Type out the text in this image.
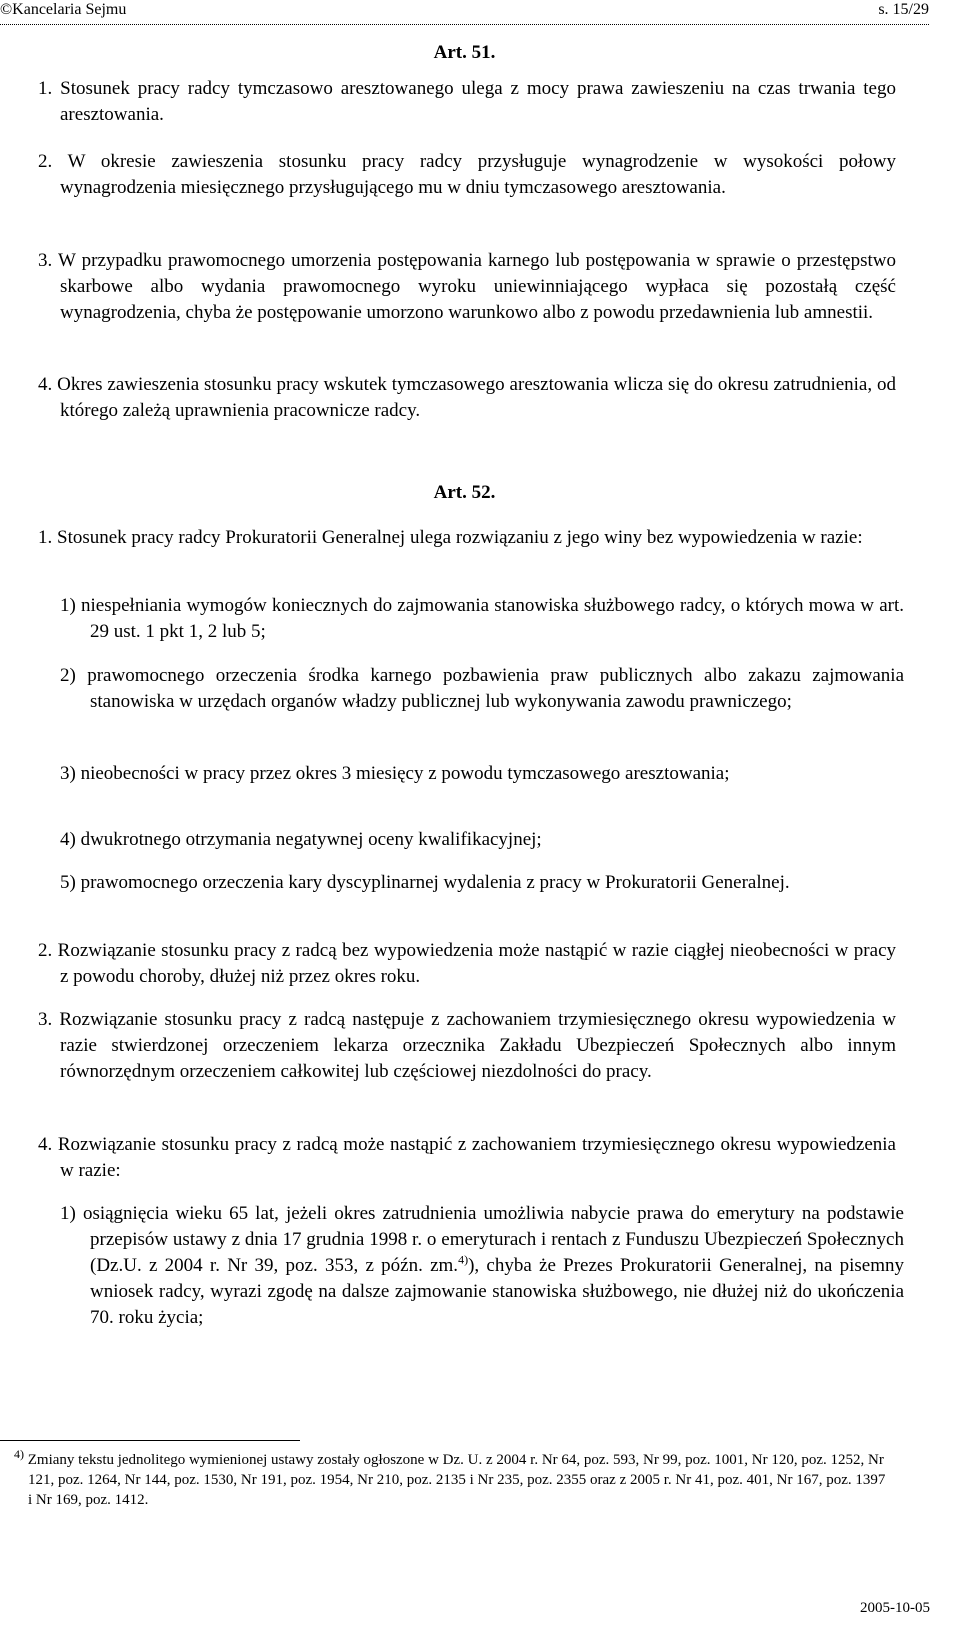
©Kancelaria Sejmu	s. 15/29
Art. 51.
1. Stosunek pracy radcy tymczasowo aresztowanego ulega z mocy prawa zawieszeniu na czas trwania tego aresztowania.
2. W okresie zawieszenia stosunku pracy radcy przysługuje wynagrodzenie w wysokości połowy wynagrodzenia miesięcznego przysługującego mu w dniu tymczasowego aresztowania.
3. W przypadku prawomocnego umorzenia postępowania karnego lub postępowania w sprawie o przestępstwo skarbowe albo wydania prawomocnego wyroku uniewinniającego wypłaca się pozostałą część wynagrodzenia, chyba że postępowanie umorzono warunkowo albo z powodu przedawnienia lub amnestii.
4. Okres zawieszenia stosunku pracy wskutek tymczasowego aresztowania wlicza się do okresu zatrudnienia, od którego zależą uprawnienia pracownicze radcy.
Art. 52.
1. Stosunek pracy radcy Prokuratorii Generalnej ulega rozwiązaniu z jego winy bez wypowiedzenia w razie:
1) niespełniania wymogów koniecznych do zajmowania stanowiska służbowego radcy, o których mowa w art. 29 ust. 1 pkt 1, 2 lub 5;
2) prawomocnego orzeczenia środka karnego pozbawienia praw publicznych albo zakazu zajmowania stanowiska w urzędach organów władzy publicznej lub wykonywania zawodu prawniczego;
3) nieobecności w pracy przez okres 3 miesięcy z powodu tymczasowego aresztowania;
4) dwukrotnego otrzymania negatywnej oceny kwalifikacyjnej;
5) prawomocnego orzeczenia kary dyscyplinarnej wydalenia z pracy w Prokuratorii Generalnej.
2. Rozwiązanie stosunku pracy z radcą bez wypowiedzenia może nastąpić w razie ciągłej nieobecności w pracy z powodu choroby, dłużej niż przez okres roku.
3. Rozwiązanie stosunku pracy z radcą następuje z zachowaniem trzymiesięcznego okresu wypowiedzenia w razie stwierdzonej orzeczeniem lekarza orzecznika Zakładu Ubezpieczeń Społecznych albo innym równorzędnym orzeczeniem całkowitej lub częściowej niezdolności do pracy.
4. Rozwiązanie stosunku pracy z radcą może nastąpić z zachowaniem trzymiesięcznego okresu wypowiedzenia w razie:
1) osiągnięcia wieku 65 lat, jeżeli okres zatrudnienia umożliwia nabycie prawa do emerytury na podstawie przepisów ustawy z dnia 17 grudnia 1998 r. o emeryturach i rentach z Funduszu Ubezpieczeń Społecznych (Dz.U. z 2004 r. Nr 39, poz. 353, z późn. zm.$^{4)}$), chyba że Prezes Prokuratorii Generalnej, na pisemny wniosek radcy, wyrazi zgodę na dalsze zajmowanie stanowiska służbowego, nie dłużej niż do ukończenia 70. roku życia;
$^{4)}$ Zmiany tekstu jednolitego wymienionej ustawy zostały ogłoszone w Dz. U. z 2004 r. Nr 64, poz. 593, Nr 99, poz. 1001, Nr 120, poz. 1252, Nr 121, poz. 1264, Nr 144, poz. 1530, Nr 191, poz. 1954, Nr 210, poz. 2135 i Nr 235, poz. 2355 oraz z 2005 r. Nr 41, poz. 401, Nr 167, poz. 1397 i Nr 169, poz. 1412.
2005-10-05
